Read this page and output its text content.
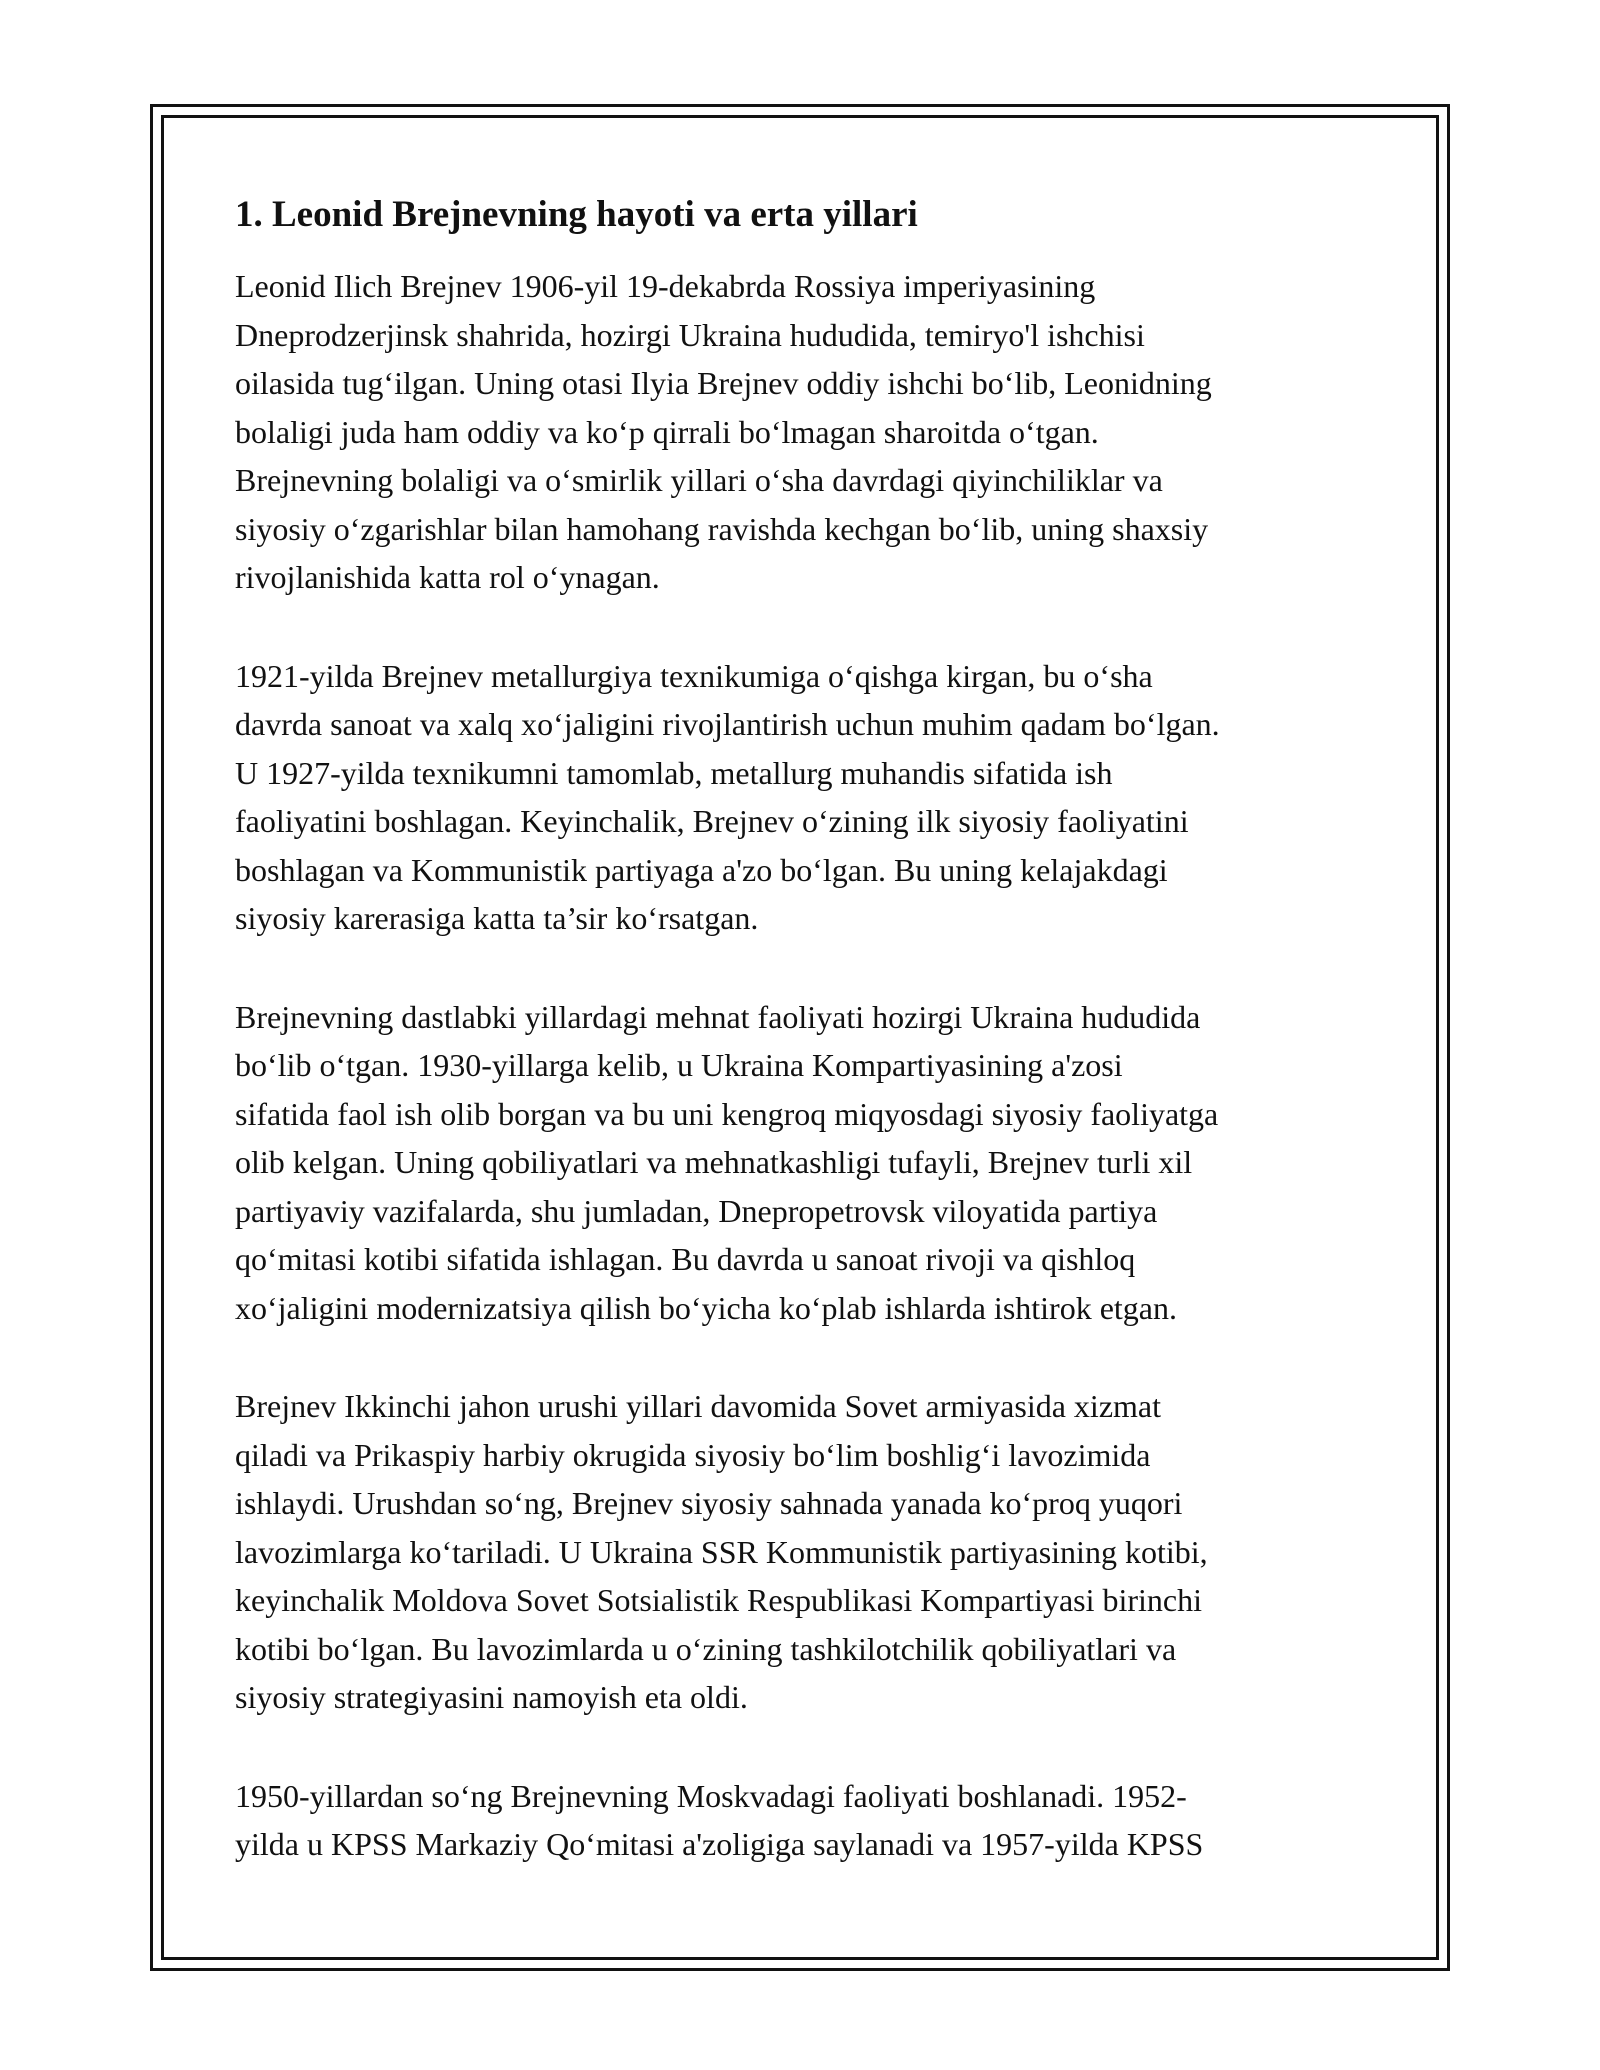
1. Leonid Brejnevning hayoti va erta yillari

Leonid Ilich Brejnev 1906-yil 19-dekabrda Rossiya imperiyasining
Dneprodzerjinsk shahrida, hozirgi Ukraina hududida, temiryo'l ishchisi
oilasida tug‘ilgan. Uning otasi Ilyia Brejnev oddiy ishchi bo‘lib, Leonidning
bolaligi juda ham oddiy va ko‘p qirrali bo‘lmagan sharoitda o‘tgan.
Brejnevning bolaligi va o‘smirlik yillari o‘sha davrdagi qiyinchiliklar va
siyosiy o‘zgarishlar bilan hamohang ravishda kechgan bo‘lib, uning shaxsiy
rivojlanishida katta rol o‘ynagan.

1921-yilda Brejnev metallurgiya texnikumiga o‘qishga kirgan, bu o‘sha
davrda sanoat va xalq xo‘jaligini rivojlantirish uchun muhim qadam bo‘lgan.
U 1927-yilda texnikumni tamomlab, metallurg muhandis sifatida ish
faoliyatini boshlagan. Keyinchalik, Brejnev o‘zining ilk siyosiy faoliyatini
boshlagan va Kommunistik partiyaga a'zo bo‘lgan. Bu uning kelajakdagi
siyosiy karerasiga katta ta’sir ko‘rsatgan.

Brejnevning dastlabki yillardagi mehnat faoliyati hozirgi Ukraina hududida
bo‘lib o‘tgan. 1930-yillarga kelib, u Ukraina Kompartiyasining a'zosi
sifatida faol ish olib borgan va bu uni kengroq miqyosdagi siyosiy faoliyatga
olib kelgan. Uning qobiliyatlari va mehnatkashligi tufayli, Brejnev turli xil
partiyaviy vazifalarda, shu jumladan, Dnepropetrovsk viloyatida partiya
qo‘mitasi kotibi sifatida ishlagan. Bu davrda u sanoat rivoji va qishloq
xo‘jaligini modernizatsiya qilish bo‘yicha ko‘plab ishlarda ishtirok etgan.

Brejnev Ikkinchi jahon urushi yillari davomida Sovet armiyasida xizmat
qiladi va Prikaspiy harbiy okrugida siyosiy bo‘lim boshlig‘i lavozimida
ishlaydi. Urushdan so‘ng, Brejnev siyosiy sahnada yanada ko‘proq yuqori
lavozimlarga ko‘tariladi. U Ukraina SSR Kommunistik partiyasining kotibi,
keyinchalik Moldova Sovet Sotsialistik Respublikasi Kompartiyasi birinchi
kotibi bo‘lgan. Bu lavozimlarda u o‘zining tashkilotchilik qobiliyatlari va
siyosiy strategiyasini namoyish eta oldi.

1950-yillardan so‘ng Brejnevning Moskvadagi faoliyati boshlanadi. 1952-
yilda u KPSS Markaziy Qo‘mitasi a'zoligiga saylanadi va 1957-yilda KPSS
